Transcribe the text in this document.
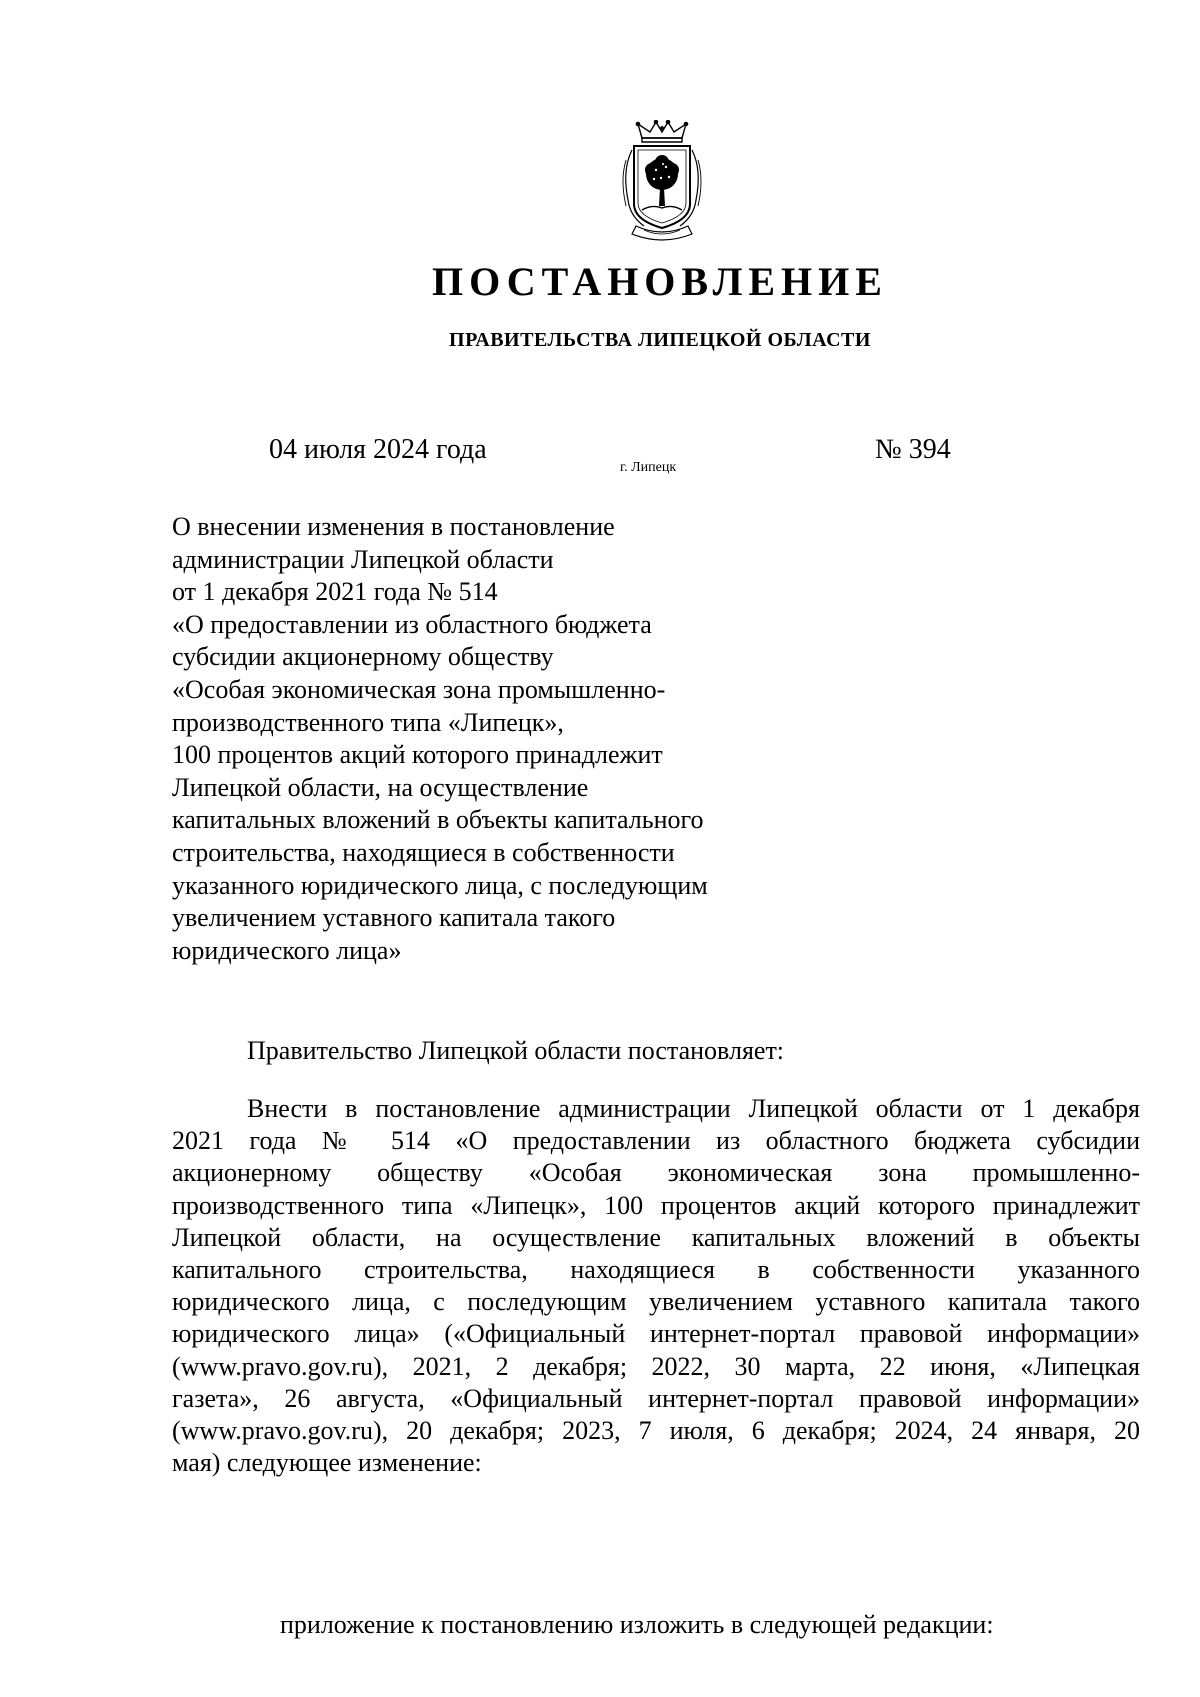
ПОСТАНОВЛЕНИЕ
ПРАВИТЕЛЬСТВА ЛИПЕЦКОЙ ОБЛАСТИ
04 июля 2024 года
г. Липецк
№ 394
О внесении изменения в постановление
администрации Липецкой области
от 1 декабря 2021 года № 514
«О предоставлении из областного бюджета
субсидии акционерному обществу
«Особая экономическая зона промышленно-
производственного типа «Липецк»,
100 процентов акций которого принадлежит
Липецкой области, на осуществление
капитальных вложений в объекты капитального
строительства, находящиеся в собственности
указанного юридического лица, с последующим
увеличением уставного капитала такого
юридического лица»
Правительство Липецкой области постановляет:
Внести в постановление администрации Липецкой области от 1 декабря
2021 года № 514 «О предоставлении из областного бюджета субсидии
акционерному обществу «Особая экономическая зона промышленно-
производственного типа «Липецк», 100 процентов акций которого принадлежит
Липецкой области, на осуществление капитальных вложений в объекты
капитального строительства, находящиеся в собственности указанного
юридического лица, с последующим увеличением уставного капитала такого
юридического лица» («Официальный интернет-портал правовой информации»
(www.pravo.gov.ru), 2021, 2 декабря; 2022, 30 марта, 22 июня, «Липецкая
газета», 26 августа, «Официальный интернет-портал правовой информации»
(www.pravo.gov.ru), 20 декабря; 2023, 7 июля, 6 декабря; 2024, 24 января, 20
мая) следующее изменение:
приложение к постановлению изложить в следующей редакции:
